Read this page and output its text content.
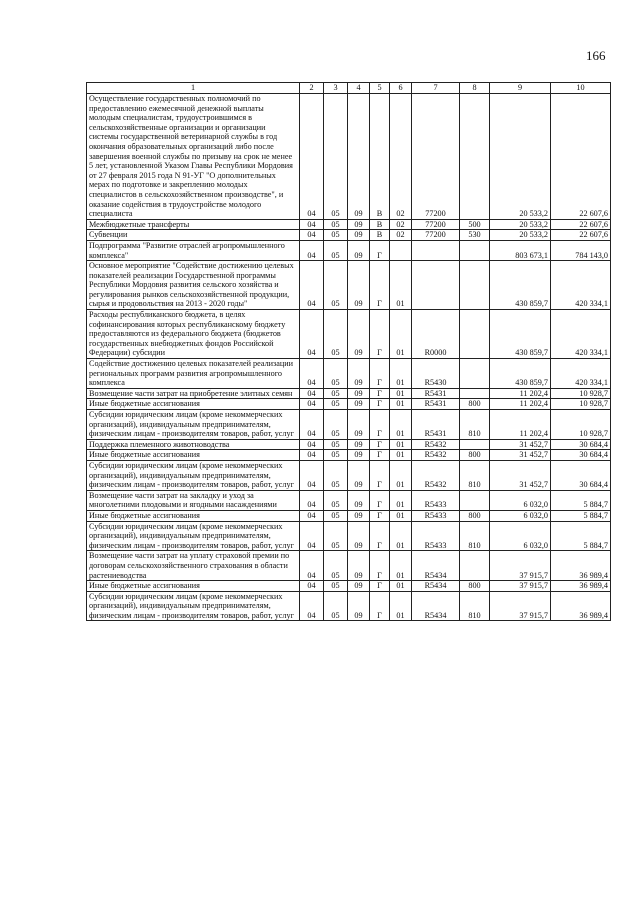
166
1	2	3	4	5	6	7	8	9	10
Осуществление государственных полномочий по предоставлению ежемесячной денежной выплаты молодым специалистам, трудоустроившимся в сельскохозяйственные организации и организации системы государственной ветеринарной службы в год окончания образовательных организаций либо после завершения военной службы по призыву на срок не менее 5 лет, установленной Указом Главы Республики Мордовия от 27 февраля 2015 года N 91-УГ "О дополнительных мерах по подготовке и закреплению молодых специалистов в сельскохозяйственном производстве", и оказание содействия в трудоустройстве молодого специалиста	04	05	09	В	02	77200		20 533,2	22 607,6
Межбюджетные трансферты	04	05	09	В	02	77200	500	20 533,2	22 607,6
Субвенции	04	05	09	В	02	77200	530	20 533,2	22 607,6
Подпрограмма "Развитие отраслей агропромышленного комплекса"	04	05	09	Г				803 673,1	784 143,0
Основное мероприятие "Содействие достижению целевых показателей реализации Государственной программы Республики Мордовия развития сельского хозяйства и регулирования рынков сельскохозяйственной продукции, сырья и продовольствия на 2013 - 2020 годы"	04	05	09	Г	01			430 859,7	420 334,1
Расходы республиканского бюджета, в целях софинансирования которых республиканскому бюджету предоставляются из федерального бюджета (бюджетов государственных внебюджетных фондов Российской Федерации) субсидии	04	05	09	Г	01	R0000		430 859,7	420 334,1
Содействие достижению целевых показателей реализации региональных программ развития агропромышленного комплекса	04	05	09	Г	01	R5430		430 859,7	420 334,1
Возмещение части затрат на приобретение элитных семян	04	05	09	Г	01	R5431		11 202,4	10 928,7
Иные бюджетные ассигнования	04	05	09	Г	01	R5431	800	11 202,4	10 928,7
Субсидии юридическим лицам (кроме некоммерческих организаций), индивидуальным предпринимателям, физическим лицам - производителям товаров, работ, услуг	04	05	09	Г	01	R5431	810	11 202,4	10 928,7
Поддержка племенного животноводства	04	05	09	Г	01	R5432		31 452,7	30 684,4
Иные бюджетные ассигнования	04	05	09	Г	01	R5432	800	31 452,7	30 684,4
Субсидии юридическим лицам (кроме некоммерческих организаций), индивидуальным предпринимателям, физическим лицам - производителям товаров, работ, услуг	04	05	09	Г	01	R5432	810	31 452,7	30 684,4
Возмещение части затрат на закладку и уход за многолетними плодовыми и ягодными насаждениями	04	05	09	Г	01	R5433		6 032,0	5 884,7
Иные бюджетные ассигнования	04	05	09	Г	01	R5433	800	6 032,0	5 884,7
Субсидии юридическим лицам (кроме некоммерческих организаций), индивидуальным предпринимателям, физическим лицам - производителям товаров, работ, услуг	04	05	09	Г	01	R5433	810	6 032,0	5 884,7
Возмещение части затрат на уплату страховой премии по договорам сельскохозяйственного страхования в области растениеводства	04	05	09	Г	01	R5434		37 915,7	36 989,4
Иные бюджетные ассигнования	04	05	09	Г	01	R5434	800	37 915,7	36 989,4
Субсидии юридическим лицам (кроме некоммерческих организаций), индивидуальным предпринимателям, физическим лицам - производителям товаров, работ, услуг	04	05	09	Г	01	R5434	810	37 915,7	36 989,4
